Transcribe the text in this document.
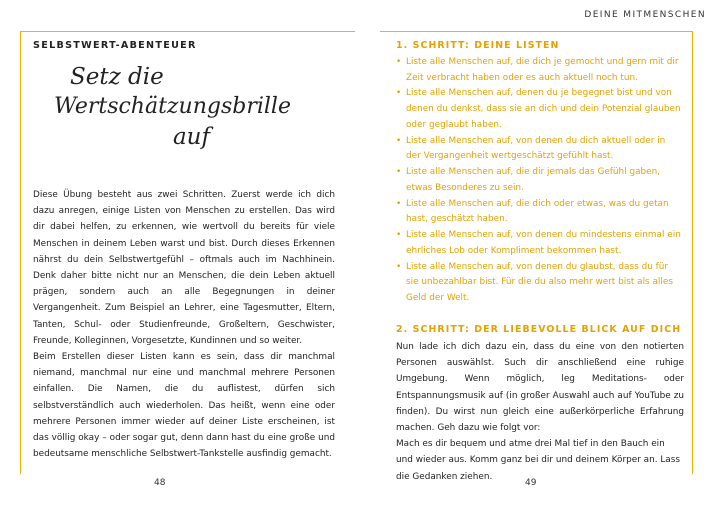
SELBSTWERT-ABENTEUER
Setz die
Wertschätzungsbrille
auf

Diese Übung besteht aus zwei Schritten. Zuerst werde ich dich dazu anregen, einige Listen von Menschen zu erstellen. Das wird dir dabei helfen, zu erkennen, wie wertvoll du bereits für viele Menschen in deinem Leben warst und bist. Durch dieses Erkennen nährst du dein Selbstwertgefühl – oftmals auch im Nachhinein. Denk daher bitte nicht nur an Menschen, die dein Leben aktuell prägen, sondern auch an alle Begegnungen in deiner Vergangenheit. Zum Beispiel an Lehrer, eine Tagesmutter, Eltern, Tanten, Schul- oder Studienfreunde, Großeltern, Geschwister, Freunde, Kolleginnen, Vorgesetzte, Kundinnen und so weiter.

Beim Erstellen dieser Listen kann es sein, dass dir manchmal niemand, manchmal nur eine und manchmal mehrere Personen einfallen. Die Namen, die du auflistest, dürfen sich selbstverständlich auch wiederholen. Das heißt, wenn eine oder mehrere Personen immer wieder auf deiner Liste erscheinen, ist das völlig okay – oder sogar gut, denn dann hast du eine große und bedeutsame menschliche Selbstwert-Tankstelle ausfindig gemacht.

48
DEINE MITMENSCHEN
1. SCHRITT: DEINE LISTEN
• Liste alle Menschen auf, die dich je gemocht und gern mit dir Zeit verbracht haben oder es auch aktuell noch tun.
• Liste alle Menschen auf, denen du je begegnet bist und von denen du denkst, dass sie an dich und dein Potenzial glauben oder geglaubt haben.
• Liste alle Menschen auf, von denen du dich aktuell oder in der Vergangenheit wertgeschätzt gefühlt hast.
• Liste alle Menschen auf, die dir jemals das Gefühl gaben, etwas Besonderes zu sein.
• Liste alle Menschen auf, die dich oder etwas, was du getan hast, geschätzt haben.
• Liste alle Menschen auf, von denen du mindestens einmal ein ehrliches Lob oder Kompliment bekommen hast.
• Liste alle Menschen auf, von denen du glaubst, dass du für sie unbezahlbar bist. Für die du also mehr wert bist als alles Geld der Welt.
2. SCHRITT: DER LIEBEVOLLE BLICK AUF DICH

Nun lade ich dich dazu ein, dass du eine von den notierten Personen auswählst. Such dir anschließend eine ruhige Umgebung. Wenn möglich, leg Meditations- oder Entspannungsmusik auf (in großer Auswahl auch auf YouTube zu finden). Du wirst nun gleich eine außerkörperliche Erfahrung machen. Geh dazu wie folgt vor:

Mach es dir bequem und atme drei Mal tief in den Bauch ein und wieder aus. Komm ganz bei dir und deinem Körper an. Lass die Gedanken ziehen.

49
